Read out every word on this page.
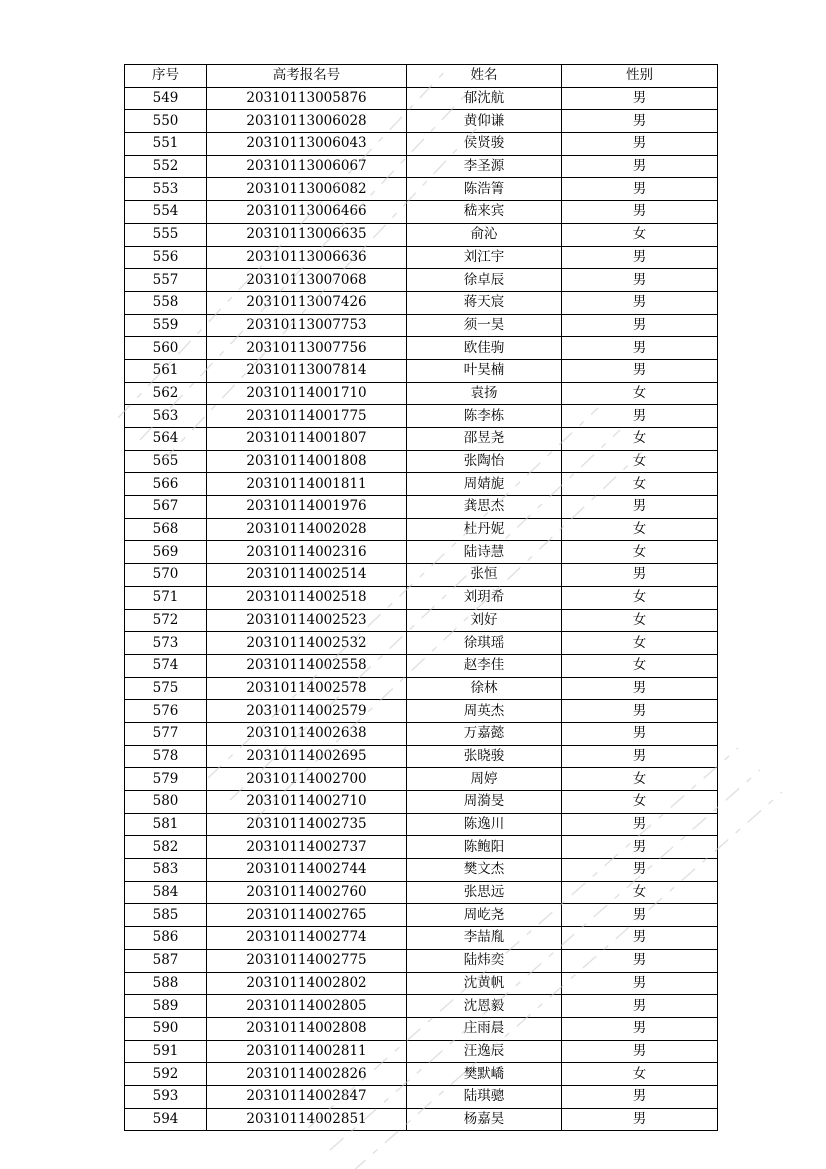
序号	高考报名号	姓名	性别
549	20310113005876	郁沈航	男
550	20310113006028	黄仰谦	男
551	20310113006043	侯贤骏	男
552	20310113006067	李圣源	男
553	20310113006082	陈浩箐	男
554	20310113006466	嵇来宾	男
555	20310113006635	俞沁	女
556	20310113006636	刘江宇	男
557	20310113007068	徐卓辰	男
558	20310113007426	蒋天宸	男
559	20310113007753	须一昊	男
560	20310113007756	欧佳驹	男
561	20310113007814	叶昊楠	男
562	20310114001710	袁扬	女
563	20310114001775	陈李栋	男
564	20310114001807	邵昱尧	女
565	20310114001808	张陶怡	女
566	20310114001811	周婧旎	女
567	20310114001976	龚思杰	男
568	20310114002028	杜丹妮	女
569	20310114002316	陆诗慧	女
570	20310114002514	张恒	男
571	20310114002518	刘玥希	女
572	20310114002523	刘好	女
573	20310114002532	徐琪瑶	女
574	20310114002558	赵李佳	女
575	20310114002578	徐林	男
576	20310114002579	周英杰	男
577	20310114002638	万嘉懿	男
578	20310114002695	张晓骏	男
579	20310114002700	周婷	女
580	20310114002710	周漪旻	女
581	20310114002735	陈逸川	男
582	20310114002737	陈鲍阳	男
583	20310114002744	樊文杰	男
584	20310114002760	张思远	女
585	20310114002765	周屹尧	男
586	20310114002774	李喆胤	男
587	20310114002775	陆炜奕	男
588	20310114002802	沈黄帆	男
589	20310114002805	沈恩毅	男
590	20310114002808	庄雨晨	男
591	20310114002811	汪逸辰	男
592	20310114002826	樊默嶠	女
593	20310114002847	陆琪骢	男
594	20310114002851	杨嘉昊	男
